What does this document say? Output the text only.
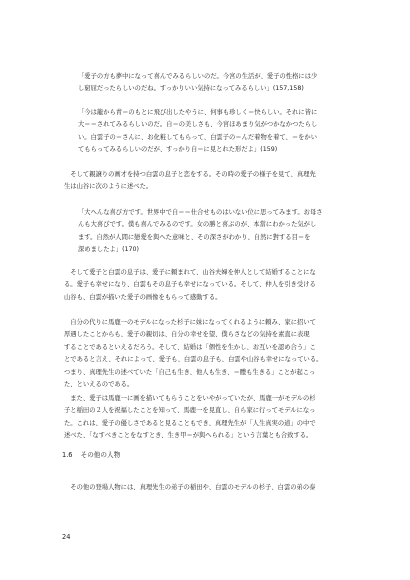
「愛子の方も夢中になって喜んでみるらしいのだ。今宮の生活が、愛子の性格には少
し窮屈だったらしいのだね。すっかりいい気持になってみるらしい」(157,158)

「今は籠から青＝のもとに飛び出したやうに、何事も珍しく＝快らしい。それに皆に
大＝＝されてみるらしいのだ。自＝の美しさも、今宮ほあまり気がつかなかつたらし
い。白雲子の＝さんに、お化粧してもらって、白雲子の＝んだ着物を着て、＝をかい
てもらってみるらしいのだが、すっかり自＝に見とれた形だよ」(159)

　そして親譲りの画才を持つ白雲の息子と恋をする。その時の愛子の様子を見て、真理先
生は山谷に次のように述べた。

「大へんな喜び方です。世界中で自＝＝仕合せものはいない位に思ってみます。お母さ
んも大喜びです。僕も喜んでみるのです。女の勝と喜ぶのが、本當にわかった気がし
ます。自然が人間に戀愛を與へた意味と、その深さがわかり、自然に對する目＝を
深めましたよ」(170)

　そして愛子と白雲の息子は、愛子に頼まれて、山谷夫婦を仲人として結婚することにな
る。愛子も幸せになり、白雲もその息子も幸せになっている。そして、仲人を引き受ける
山谷も、白雲が描いた愛子の画像をもらって感動する。

　自分の代りに馬鹿一のモデルになった杉子に妹になってくれるように頼み、家に招いて
厚遇したことからも、愛子の親切は、自分の幸せを望、僕らさなどの気持を素直に表現
することであるといえるだろう。そして、結婚は「個性を生かし、お互いを認め合う」こ
とであると言え、それによって、愛子も、白雲の息子も、白雲や山谷も幸せになっている。
つまり、真理先生の述べていた「自己も生き、他人も生き、＝體も生きる」ことが起こっ
た、といえるのである。

　また、愛子は馬鹿一に画を描いてもらうことをいやがっていたが、馬鹿一がモデルの杉
子と稲田の２人を祝福したことを知って、馬鹿一を見直し、自ら家に行ってモデルになっ
た。これは、愛子の優しさであると見ることもでき、真理先生が「人生真実の道」の中で
述べた、「なすべきことをなすとき、生き甲＝が與へられる」という言葉とも合致する。

1.6 その他の人物

　その他の登場人物には、真理先生の弟子の稲田や、白雲のモデルの杉子、白雲の弟の泰

24
